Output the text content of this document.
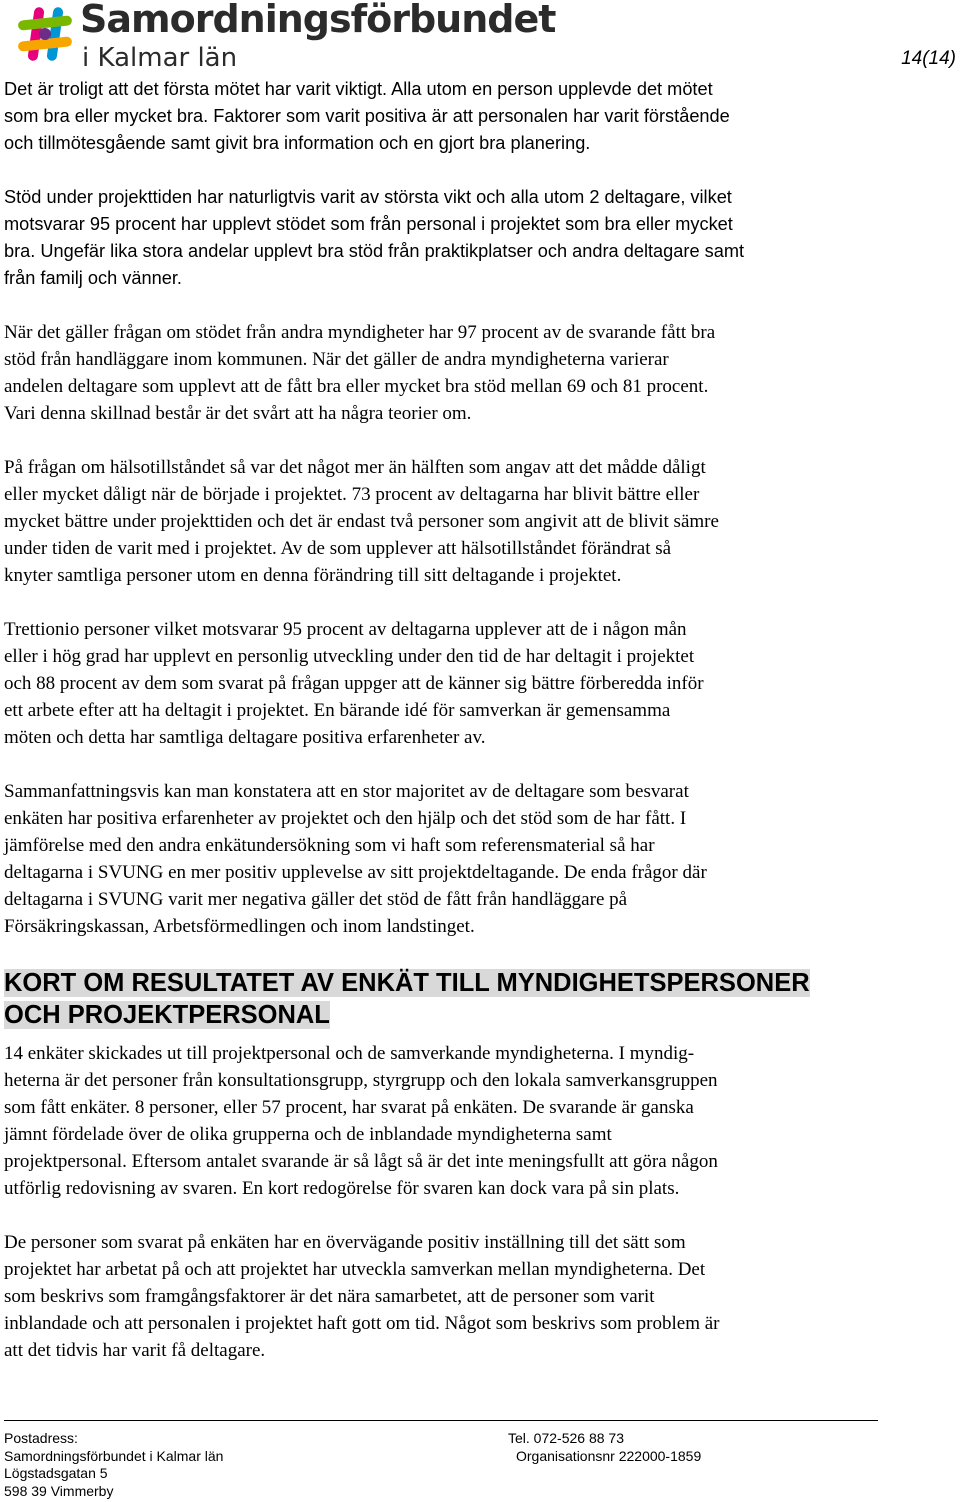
Samordningsförbundet
i Kalmar län	14(14)

Det är troligt att det första mötet har varit viktigt. Alla utom en person upplevde det mötet
som bra eller mycket bra. Faktorer som varit positiva är att personalen har varit förstående
och tillmötesgående samt givit bra information och en gjort bra planering.

Stöd under projekttiden har naturligtvis varit av största vikt och alla utom 2 deltagare, vilket
motsvarar 95 procent har upplevt stödet som från personal i projektet som bra eller mycket
bra. Ungefär lika stora andelar upplevt bra stöd från praktikplatser och andra deltagare samt
från familj och vänner.

När det gäller frågan om stödet från andra myndigheter har 97 procent av de svarande fått bra
stöd från handläggare inom kommunen. När det gäller de andra myndigheterna varierar
andelen deltagare som upplevt att de fått bra eller mycket bra stöd mellan 69 och 81 procent.
Vari denna skillnad består är det svårt att ha några teorier om.

På frågan om hälsotillståndet så var det något mer än hälften som angav att det mådde dåligt
eller mycket dåligt när de började i projektet. 73 procent av deltagarna har blivit bättre eller
mycket bättre under projekttiden och det är endast två personer som angivit att de blivit sämre
under tiden de varit med i projektet. Av de som upplever att hälsotillståndet förändrat så
knyter samtliga personer utom en denna förändring till sitt deltagande i projektet.

Trettionio personer vilket motsvarar 95 procent av deltagarna upplever att de i någon mån
eller i hög grad har upplevt en personlig utveckling under den tid de har deltagit i projektet
och 88 procent av dem som svarat på frågan uppger att de känner sig bättre förberedda inför
ett arbete efter att ha deltagit i projektet. En bärande idé för samverkan är gemensamma
möten och detta har samtliga deltagare positiva erfarenheter av.

Sammanfattningsvis kan man konstatera att en stor majoritet av de deltagare som besvarat
enkäten har positiva erfarenheter av projektet och den hjälp och det stöd som de har fått. I
jämförelse med den andra enkätundersökning som vi haft som referensmaterial så har
deltagarna i SVUNG en mer positiv upplevelse av sitt projektdeltagande. De enda frågor där
deltagarna i SVUNG varit mer negativa gäller det stöd de fått från handläggare på
Försäkringskassan, Arbetsförmedlingen och inom landstinget.

KORT OM RESULTATET AV ENKÄT TILL MYNDIGHETSPERSONER
OCH PROJEKTPERSONAL

14 enkäter skickades ut till projektpersonal och de samverkande myndigheterna. I myndig-
heterna är det personer från konsultationsgrupp, styrgrupp och den lokala samverkansgruppen
som fått enkäter. 8 personer, eller 57 procent, har svarat på enkäten. De svarande är ganska
jämnt fördelade över de olika grupperna och de inblandade myndigheterna samt
projektpersonal. Eftersom antalet svarande är så lågt så är det inte meningsfullt att göra någon
utförlig redovisning av svaren. En kort redogörelse för svaren kan dock vara på sin plats.

De personer som svarat på enkäten har en övervägande positiv inställning till det sätt som
projektet har arbetat på och att projektet har utveckla samverkan mellan myndigheterna. Det
som beskrivs som framgångsfaktorer är det nära samarbetet, att de personer som varit
inblandade och att personalen i projektet haft gott om tid. Något som beskrivs som problem är
att det tidvis har varit få deltagare.

Postadress:
Samordningsförbundet i Kalmar län
Lögstadsgatan 5
598 39 Vimmerby
Tel. 072-526 88 73
Organisationsnr 222000-1859
